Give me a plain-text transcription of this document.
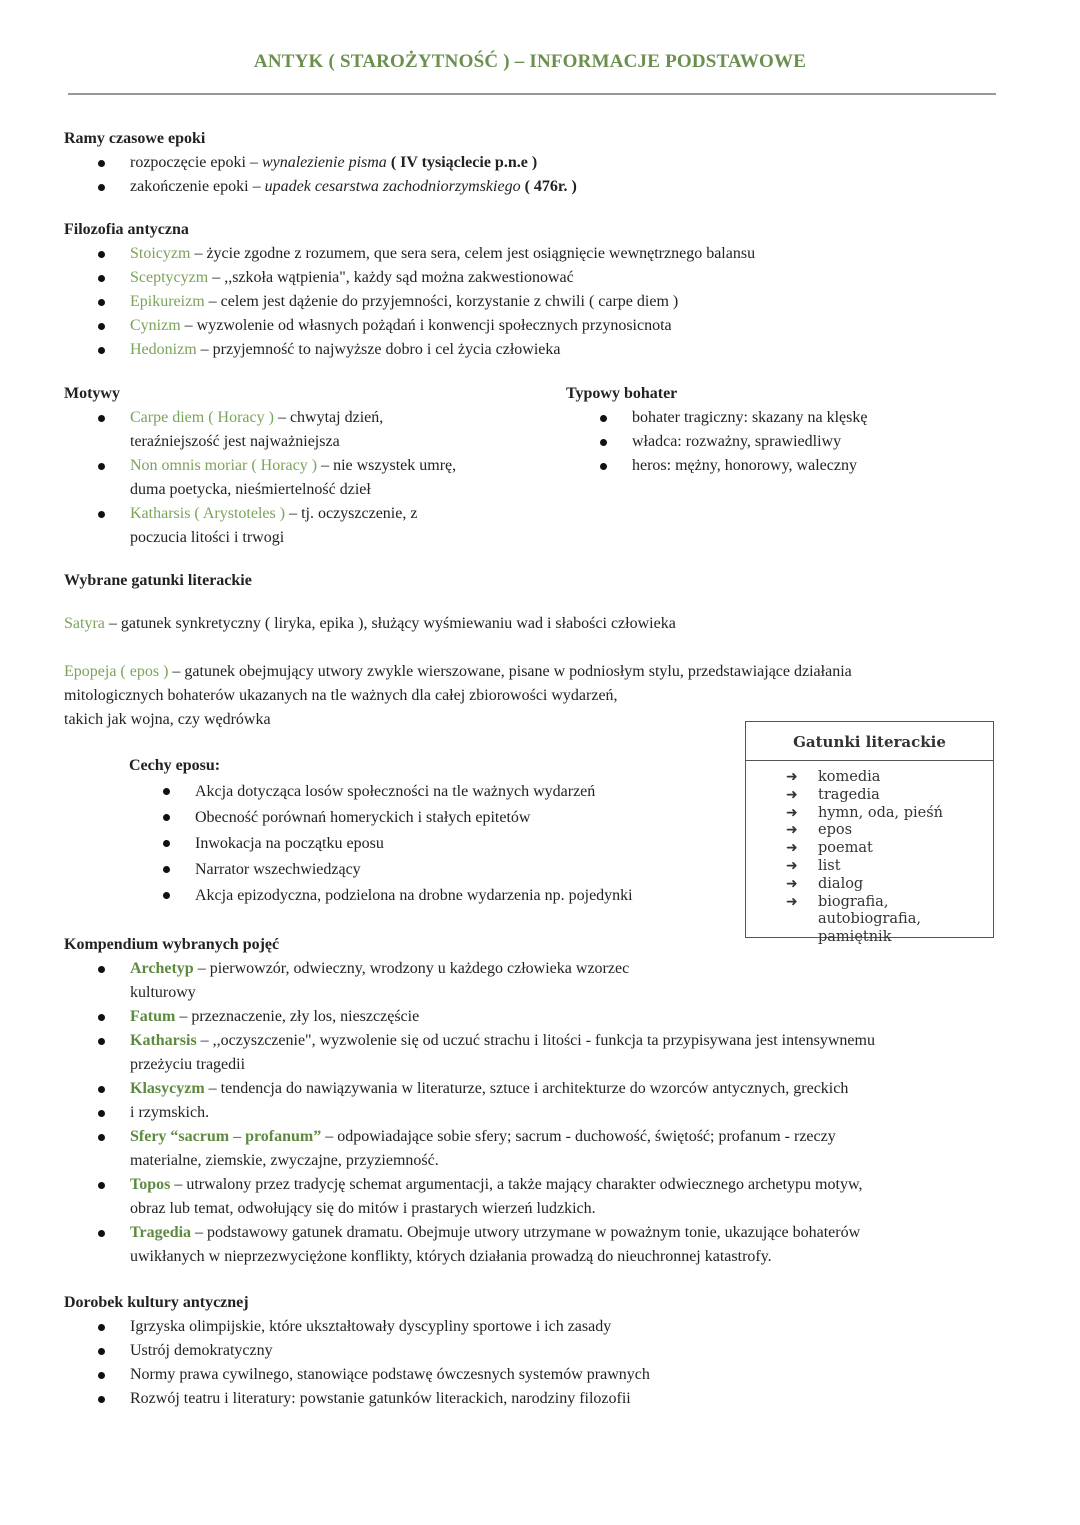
ANTYK ( STAROŻYTNOŚĆ ) – INFORMACJE PODSTAWOWE
Ramy czasowe epoki
rozpoczęcie epoki – wynalezienie pisma ( IV tysiąclecie p.n.e )
zakończenie epoki – upadek cesarstwa zachodniorzymskiego ( 476r. )
Filozofia antyczna
Stoicyzm – życie zgodne z rozumem, que sera sera, celem jest osiągnięcie wewnętrznego balansu
Sceptycyzm – ,,szkoła wątpienia", każdy sąd można zakwestionować
Epikureizm – celem jest dążenie do przyjemności, korzystanie z chwili ( carpe diem )
Cynizm – wyzwolenie od własnych pożądań i konwencji społecznych przynosicnota
Hedonizm – przyjemność to najwyższe dobro i cel życia człowieka
Motywy
Carpe diem ( Horacy ) – chwytaj dzień,
teraźniejszość jest najważniejsza
Non omnis moriar ( Horacy ) – nie wszystek umrę,
duma poetycka, nieśmiertelność dzieł
Katharsis ( Arystoteles ) – tj. oczyszczenie, z
poczucia litości i trwogi
Typowy bohater
bohater tragiczny: skazany na klęskę
władca: rozważny, sprawiedliwy
heros: mężny, honorowy, waleczny
Wybrane gatunki literackie
Satyra – gatunek synkretyczny ( liryka, epika ), służący wyśmiewaniu wad i słabości człowieka
Epopeja ( epos ) – gatunek obejmujący utwory zwykle wierszowane, pisane w podniosłym stylu, przedstawiające działania
mitologicznych bohaterów ukazanych na tle ważnych dla całej zbiorowości wydarzeń,
takich jak wojna, czy wędrówka
Cechy eposu:
Akcja dotycząca losów społeczności na tle ważnych wydarzeń
Obecność porównań homeryckich i stałych epitetów
Inwokacja na początku eposu
Narrator wszechwiedzący
Akcja epizodyczna, podzielona na drobne wydarzenia np. pojedynki
Gatunki literackie
➜ komedia
➜ tragedia
➜ hymn, oda, pieśń
➜ epos
➜ poemat
➜ list
➜ dialog
➜ biografia, autobiografia,
pamiętnik
Kompendium wybranych pojęć
Archetyp – pierwowzór, odwieczny, wrodzony u każdego człowieka wzorzec
kulturowy
Fatum – przeznaczenie, zły los, nieszczęście
Katharsis – ,,oczyszczenie", wyzwolenie się od uczuć strachu i litości - funkcja ta przypisywana jest intensywnemu
przeżyciu tragedii
Klasycyzm – tendencja do nawiązywania w literaturze, sztuce i architekturze do wzorców antycznych, greckich
i rzymskich.
Sfery “sacrum – profanum” – odpowiadające sobie sfery; sacrum - duchowość, świętość; profanum - rzeczy
materialne, ziemskie, zwyczajne, przyziemność.
Topos – utrwalony przez tradycję schemat argumentacji, a także mający charakter odwiecznego archetypu motyw,
obraz lub temat, odwołujący się do mitów i prastarych wierzeń ludzkich.
Tragedia – podstawowy gatunek dramatu. Obejmuje utwory utrzymane w poważnym tonie, ukazujące bohaterów
uwikłanych w nieprzezwyciężone konflikty, których działania prowadzą do nieuchronnej katastrofy.
Dorobek kultury antycznej
Igrzyska olimpijskie, które ukształtowały dyscypliny sportowe i ich zasady
Ustrój demokratyczny
Normy prawa cywilnego, stanowiące podstawę ówczesnych systemów prawnych
Rozwój teatru i literatury: powstanie gatunków literackich, narodziny filozofii
